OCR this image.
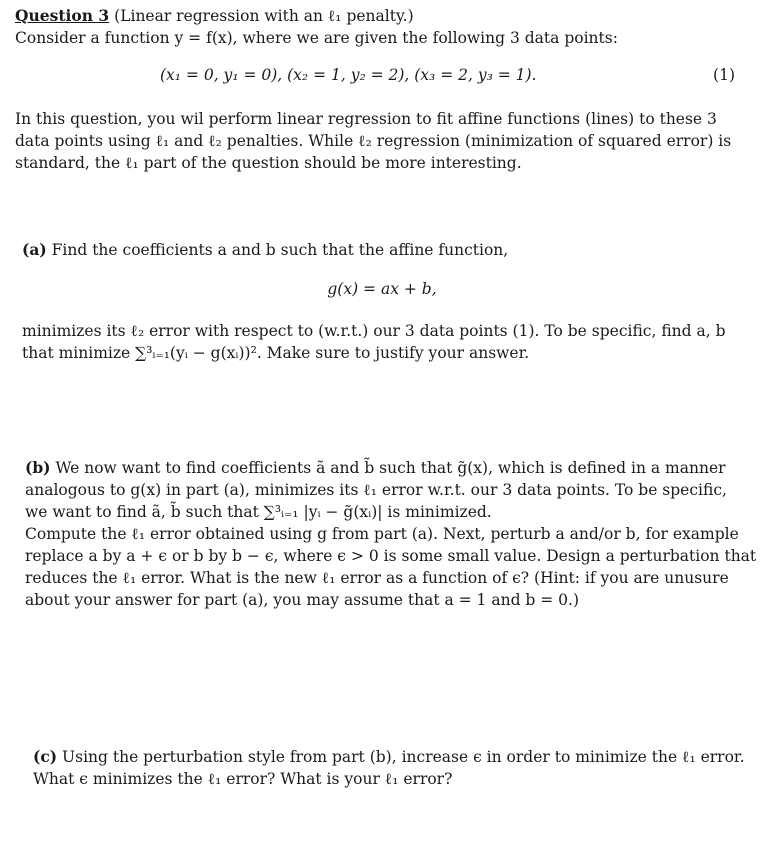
Question 3 (Linear regression with an ℓ₁ penalty.)
Consider a function y = f(x), where we are given the following 3 data points:
(x₁ = 0, y₁ = 0), (x₂ = 1, y₂ = 2), (x₃ = 2, y₃ = 1).	(1)
In this question, you wil perform linear regression to fit affine functions (lines) to these 3
data points using ℓ₁ and ℓ₂ penalties. While ℓ₂ regression (minimization of squared error) is
standard, the ℓ₁ part of the question should be more interesting.
(a) Find the coefficients a and b such that the affine function,
g(x) = ax + b,
minimizes its ℓ₂ error with respect to (w.r.t.) our 3 data points (1). To be specific, find a, b
that minimize ∑³ᵢ₌₁(yᵢ − g(xᵢ))². Make sure to justify your answer.
(b) We now want to find coefficients ã and b̃ such that g̃(x), which is defined in a manner
analogous to g(x) in part (a), minimizes its ℓ₁ error w.r.t. our 3 data points. To be specific,
we want to find ã, b̃ such that ∑³ᵢ₌₁ |yᵢ − g̃(xᵢ)| is minimized.
Compute the ℓ₁ error obtained using g from part (a). Next, perturb a and/or b, for example
replace a by a + ϵ or b by b − ϵ, where ϵ > 0 is some small value. Design a perturbation that
reduces the ℓ₁ error. What is the new ℓ₁ error as a function of ϵ? (Hint: if you are unusure
about your answer for part (a), you may assume that a = 1 and b = 0.)
(c) Using the perturbation style from part (b), increase ϵ in order to minimize the ℓ₁ error.
What ϵ minimizes the ℓ₁ error? What is your ℓ₁ error?
